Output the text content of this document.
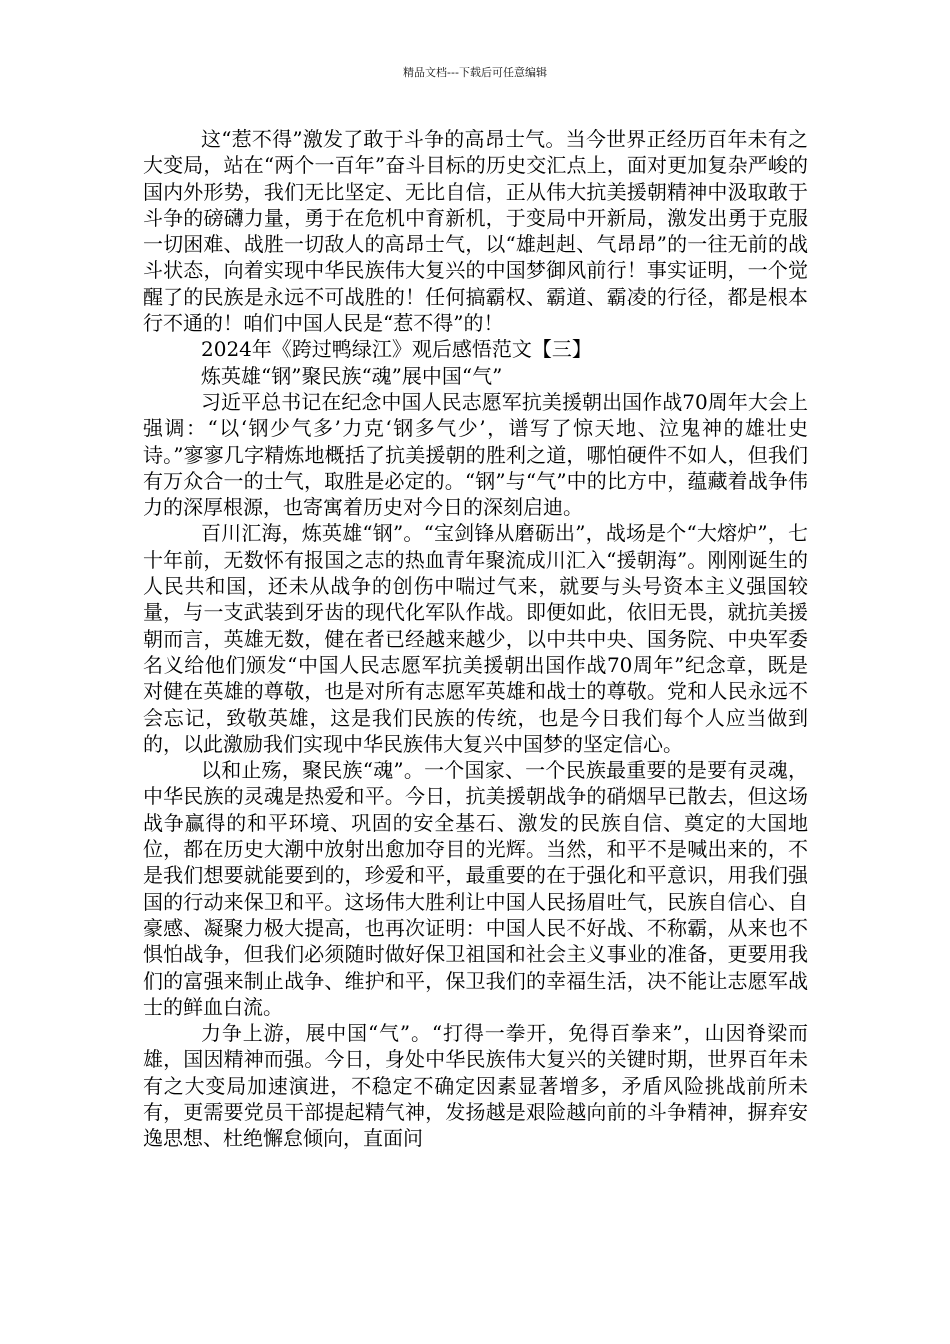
精品文档---下载后可任意编辑

这“惹不得”激发了敢于斗争的高昂士气。当今世界正经历百年未有之大变局，站在“两个一百年”奋斗目标的历史交汇点上，面对更加复杂严峻的国内外形势，我们无比坚定、无比自信，正从伟大抗美援朝精神中汲取敢于斗争的磅礴力量，勇于在危机中育新机，于变局中开新局，激发出勇于克服一切困难、战胜一切敌人的高昂士气，以“雄赳赳、气昂昂”的一往无前的战斗状态，向着实现中华民族伟大复兴的中国梦御风前行！事实证明，一个觉醒了的民族是永远不可战胜的！任何搞霸权、霸道、霸凌的行径，都是根本行不通的！咱们中国人民是“惹不得”的！

2024年《跨过鸭绿江》观后感悟范文【三】

炼英雄“钢”聚民族“魂”展中国“气”

习近平总书记在纪念中国人民志愿军抗美援朝出国作战70周年大会上强调：“以‘钢少气多’力克‘钢多气少’，谱写了惊天地、泣鬼神的雄壮史诗。”寥寥几字精炼地概括了抗美援朝的胜利之道，哪怕硬件不如人，但我们有万众合一的士气，取胜是必定的。“钢”与“气”中的比方中，蕴藏着战争伟力的深厚根源，也寄寓着历史对今日的深刻启迪。

百川汇海，炼英雄“钢”。“宝剑锋从磨砺出”，战场是个“大熔炉”，七十年前，无数怀有报国之志的热血青年聚流成川汇入“援朝海”。刚刚诞生的人民共和国，还未从战争的创伤中喘过气来，就要与头号资本主义强国较量，与一支武装到牙齿的现代化军队作战。即便如此，依旧无畏，就抗美援朝而言，英雄无数，健在者已经越来越少，以中共中央、国务院、中央军委名义给他们颁发“中国人民志愿军抗美援朝出国作战70周年”纪念章，既是对健在英雄的尊敬，也是对所有志愿军英雄和战士的尊敬。党和人民永远不会忘记，致敬英雄，这是我们民族的传统，也是今日我们每个人应当做到的，以此激励我们实现中华民族伟大复兴中国梦的坚定信心。

以和止殇，聚民族“魂”。一个国家、一个民族最重要的是要有灵魂，中华民族的灵魂是热爱和平。今日，抗美援朝战争的硝烟早已散去，但这场战争赢得的和平环境、巩固的安全基石、激发的民族自信、奠定的大国地位，都在历史大潮中放射出愈加夺目的光辉。当然，和平不是喊出来的，不是我们想要就能要到的，珍爱和平，最重要的在于强化和平意识，用我们强国的行动来保卫和平。这场伟大胜利让中国人民扬眉吐气，民族自信心、自豪感、凝聚力极大提高，也再次证明：中国人民不好战、不称霸，从来也不惧怕战争，但我们必须随时做好保卫祖国和社会主义事业的准备，更要用我们的富强来制止战争、维护和平，保卫我们的幸福生活，决不能让志愿军战士的鲜血白流。

力争上游，展中国“气”。“打得一拳开，免得百拳来”，山因脊梁而雄，国因精神而强。今日，身处中华民族伟大复兴的关键时期，世界百年未有之大变局加速演进，不稳定不确定因素显著增多，矛盾风险挑战前所未有，更需要党员干部提起精气神，发扬越是艰险越向前的斗争精神，摒弃安逸思想、杜绝懈怠倾向，直面问
